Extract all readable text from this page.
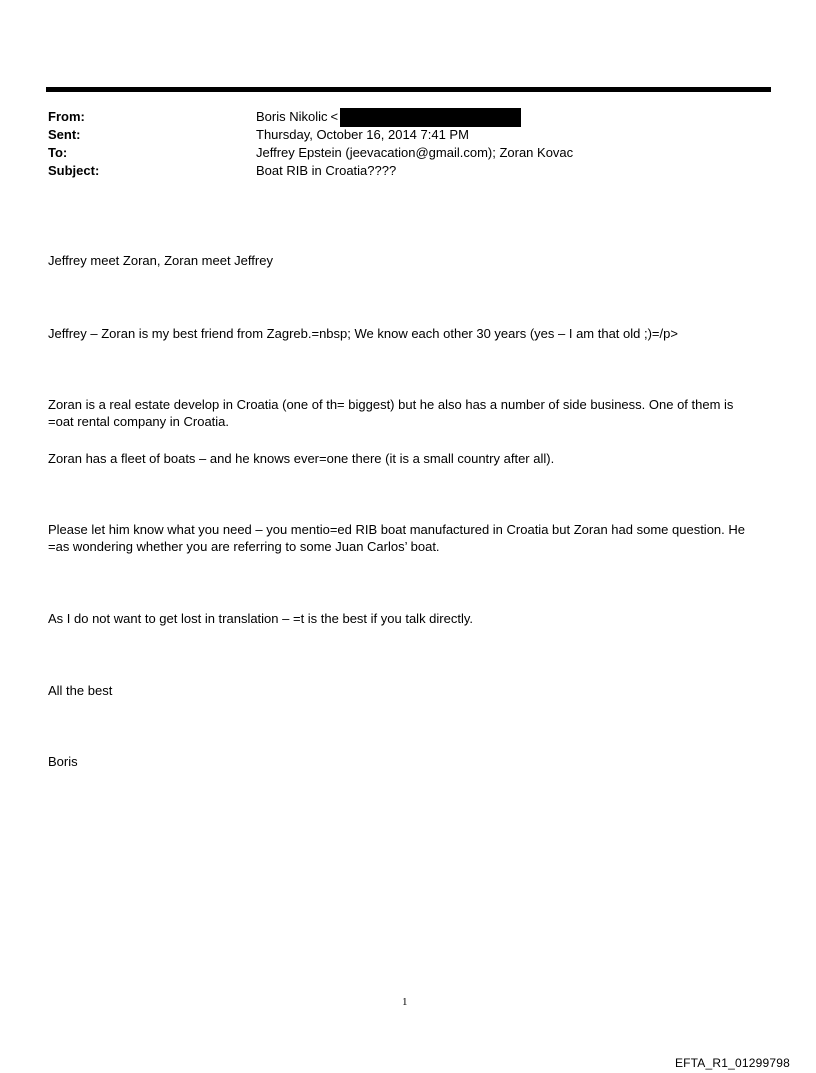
From:	Boris Nikolic <
Sent:	Thursday, October 16, 2014 7:41 PM
To:	Jeffrey Epstein (jeevacation@gmail.com); Zoran Kovac
Subject:	Boat RIB in Croatia????

Jeffrey meet Zoran, Zoran meet Jeffrey

Jeffrey – Zoran is my best friend from Zagreb.=nbsp; We know each other 30 years (yes – I am that old ;)=/p>

Zoran is a real estate develop in Croatia (one of th= biggest) but he also has a number of side business. One of them is =oat rental company in Croatia.

Zoran has a fleet of boats – and he knows ever=one there (it is a small country after all).

Please let him know what you need – you mentio=ed RIB boat manufactured in Croatia but Zoran had some question. He =as wondering whether you are referring to some Juan Carlos’ boat.

As I do not want to get lost in translation – =t is the best if you talk directly.

All the best

Boris

1
EFTA_R1_01299798
